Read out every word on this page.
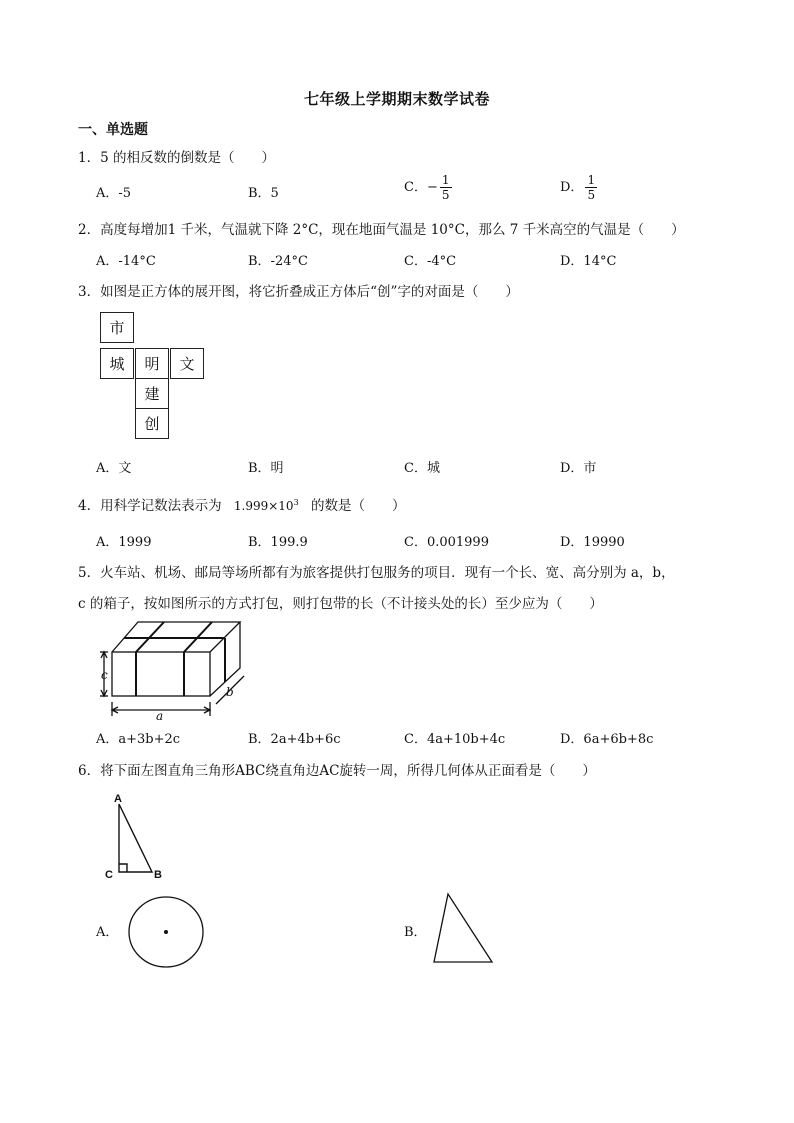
七年级上学期期末数学试卷
一、单选题
1．5 的相反数的倒数是（　　）
A．-5	B．5	C．− $\frac{1}{5}$	D． $\frac{1}{5}$
2．高度每增加1 千米，气温就下降 2°C，现在地面气温是 10°C，那么 7 千米高空的气温是（　　）
A．-14°C	B．-24°C	C．-4°C	D．14°C
3．如图是正方体的展开图，将它折叠成正方体后“创”字的对面是（　　）
市
城	明	文
建
创
A．文	B．明	C．城	D．市
4．用科学记数法表示为 $1.999\times 10^3$ 的数是（　　）
A．1999	B．199.9	C．0.001999	D．19990
5．火车站、机场、邮局等场所都有为旅客提供打包服务的项目．现有一个长、宽、高分别为 a，b，
c 的箱子，按如图所示的方式打包，则打包带的长（不计接头处的长）至少应为（　　）
c
a
b
A．a+3b+2c	B．2a+4b+6c	C．4a+10b+4c	D．6a+6b+8c
6．将下面左图直角三角形ABC绕直角边AC旋转一周，所得几何体从正面看是（　　）
A
C	B
A．	B．
